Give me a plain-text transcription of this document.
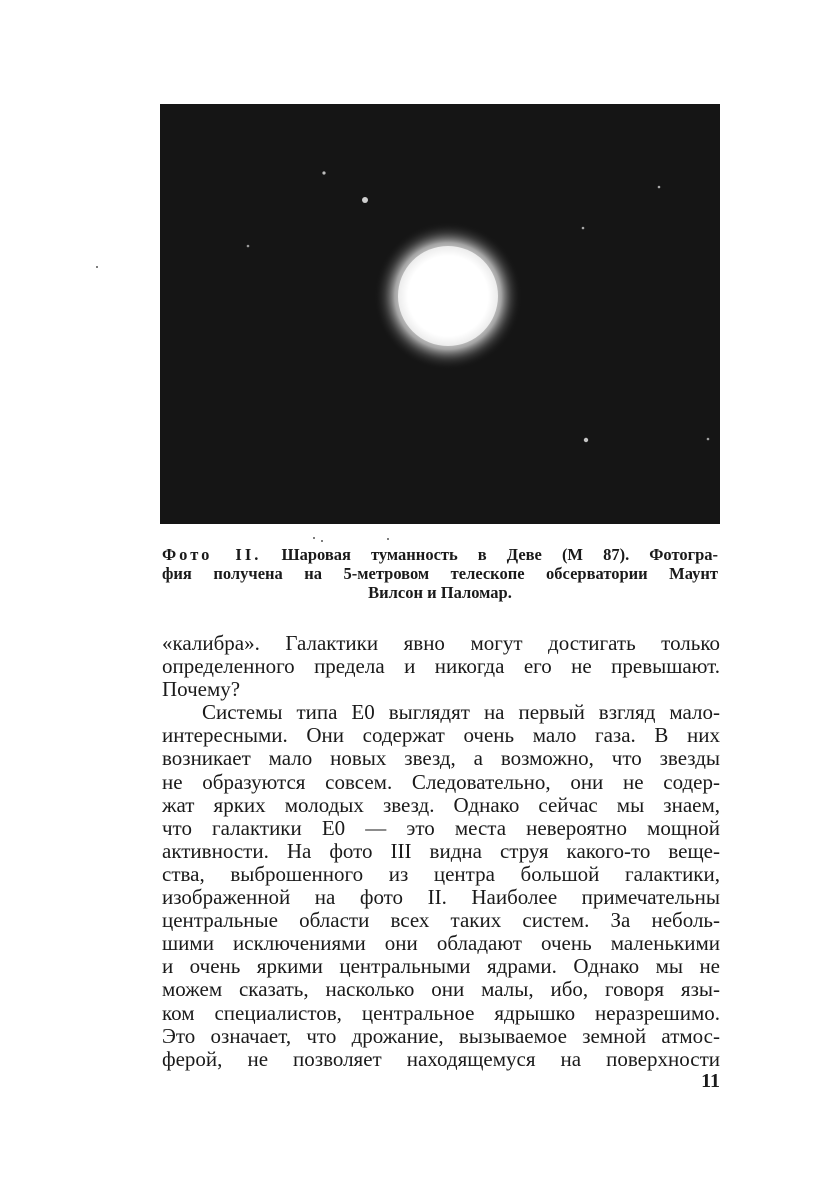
Фото II. Шаровая туманность в Деве (М 87). Фотогра-
фия получена на 5-метровом телескопе обсерватории Маунт
Вилсон и Паломар.
«калибра». Галактики явно могут достигать только
определенного предела и никогда его не превышают.
Почему?
Системы типа Е0 выглядят на первый взгляд мало-
интересными. Они содержат очень мало газа. В них
возникает мало новых звезд, а возможно, что звезды
не образуются совсем. Следовательно, они не содер-
жат ярких молодых звезд. Однако сейчас мы знаем,
что галактики Е0 — это места невероятно мощной
активности. На фото III видна струя какого-то веще-
ства, выброшенного из центра большой галактики,
изображенной на фото II. Наиболее примечательны
центральные области всех таких систем. За неболь-
шими исключениями они обладают очень маленькими
и очень яркими центральными ядрами. Однако мы не
можем сказать, насколько они малы, ибо, говоря язы-
ком специалистов, центральное ядрышко неразрешимо.
Это означает, что дрожание, вызываемое земной атмос-
ферой, не позволяет находящемуся на поверхности
11
